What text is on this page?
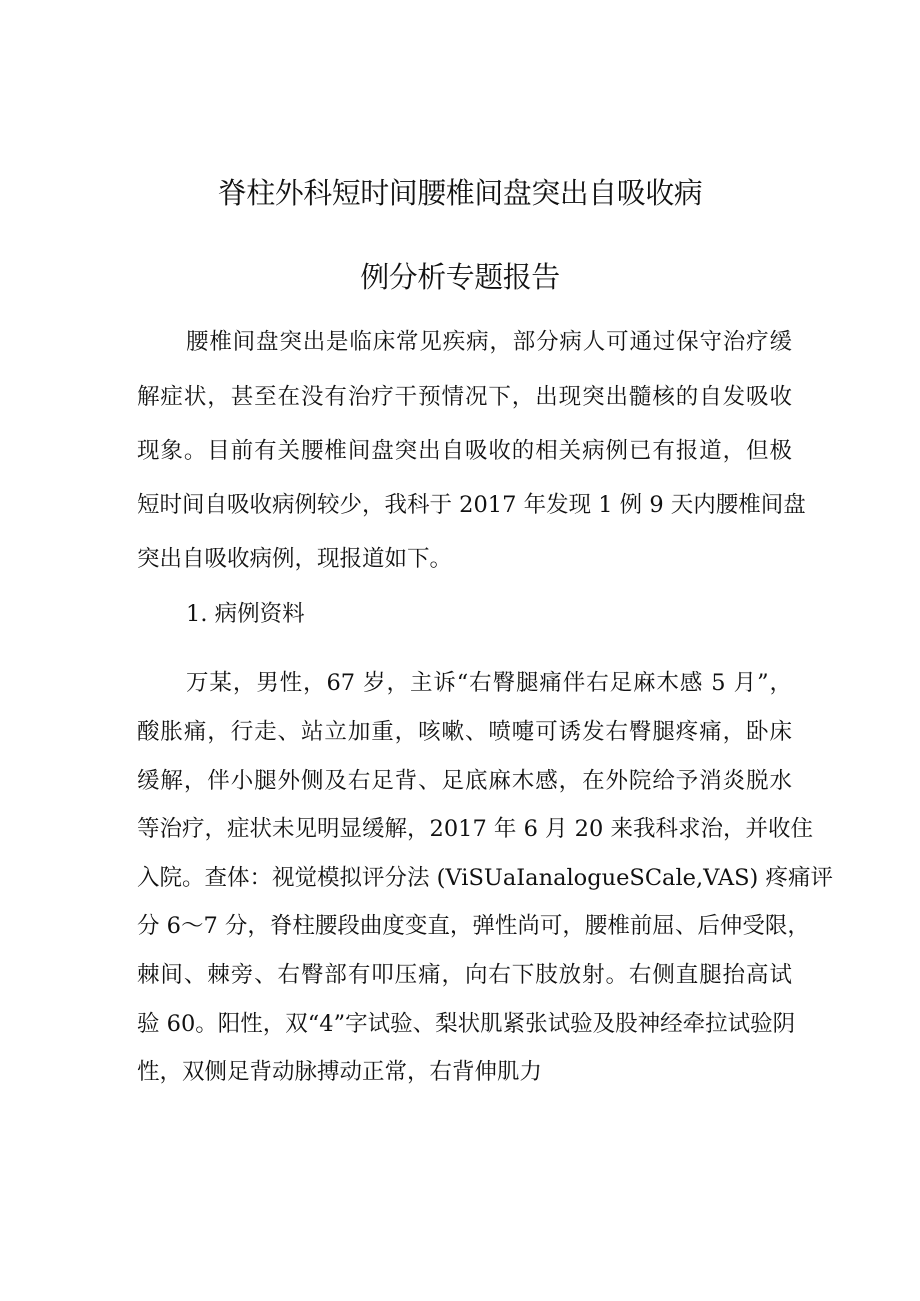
脊柱外科短时间腰椎间盘突出自吸收病
例分析专题报告
腰椎间盘突出是临床常见疾病，部分病人可通过保守治疗缓
解症状，甚至在没有治疗干预情况下，出现突出髓核的自发吸收
现象。目前有关腰椎间盘突出自吸收的相关病例已有报道，但极
短时间自吸收病例较少，我科于 2017 年发现 1 例 9 天内腰椎间盘
突出自吸收病例，现报道如下。
1. 病例资料
万某，男性，67 岁，主诉“右臀腿痛伴右足麻木感 5 月”，
酸胀痛，行走、站立加重，咳嗽、喷嚏可诱发右臀腿疼痛，卧床
缓解，伴小腿外侧及右足背、足底麻木感，在外院给予消炎脱水
等治疗，症状未见明显缓解，2017 年 6 月 20 来我科求治，并收住
入院。查体：视觉模拟评分法 (ViSUaIanalogueSCale,VAS) 疼痛评
分 6～7 分，脊柱腰段曲度变直，弹性尚可，腰椎前屈、后伸受限，
棘间、棘旁、右臀部有叩压痛，向右下肢放射。右侧直腿抬高试
验 60。阳性，双“4”字试验、梨状肌紧张试验及股神经牵拉试验阴
性，双侧足背动脉搏动正常，右背伸肌力
